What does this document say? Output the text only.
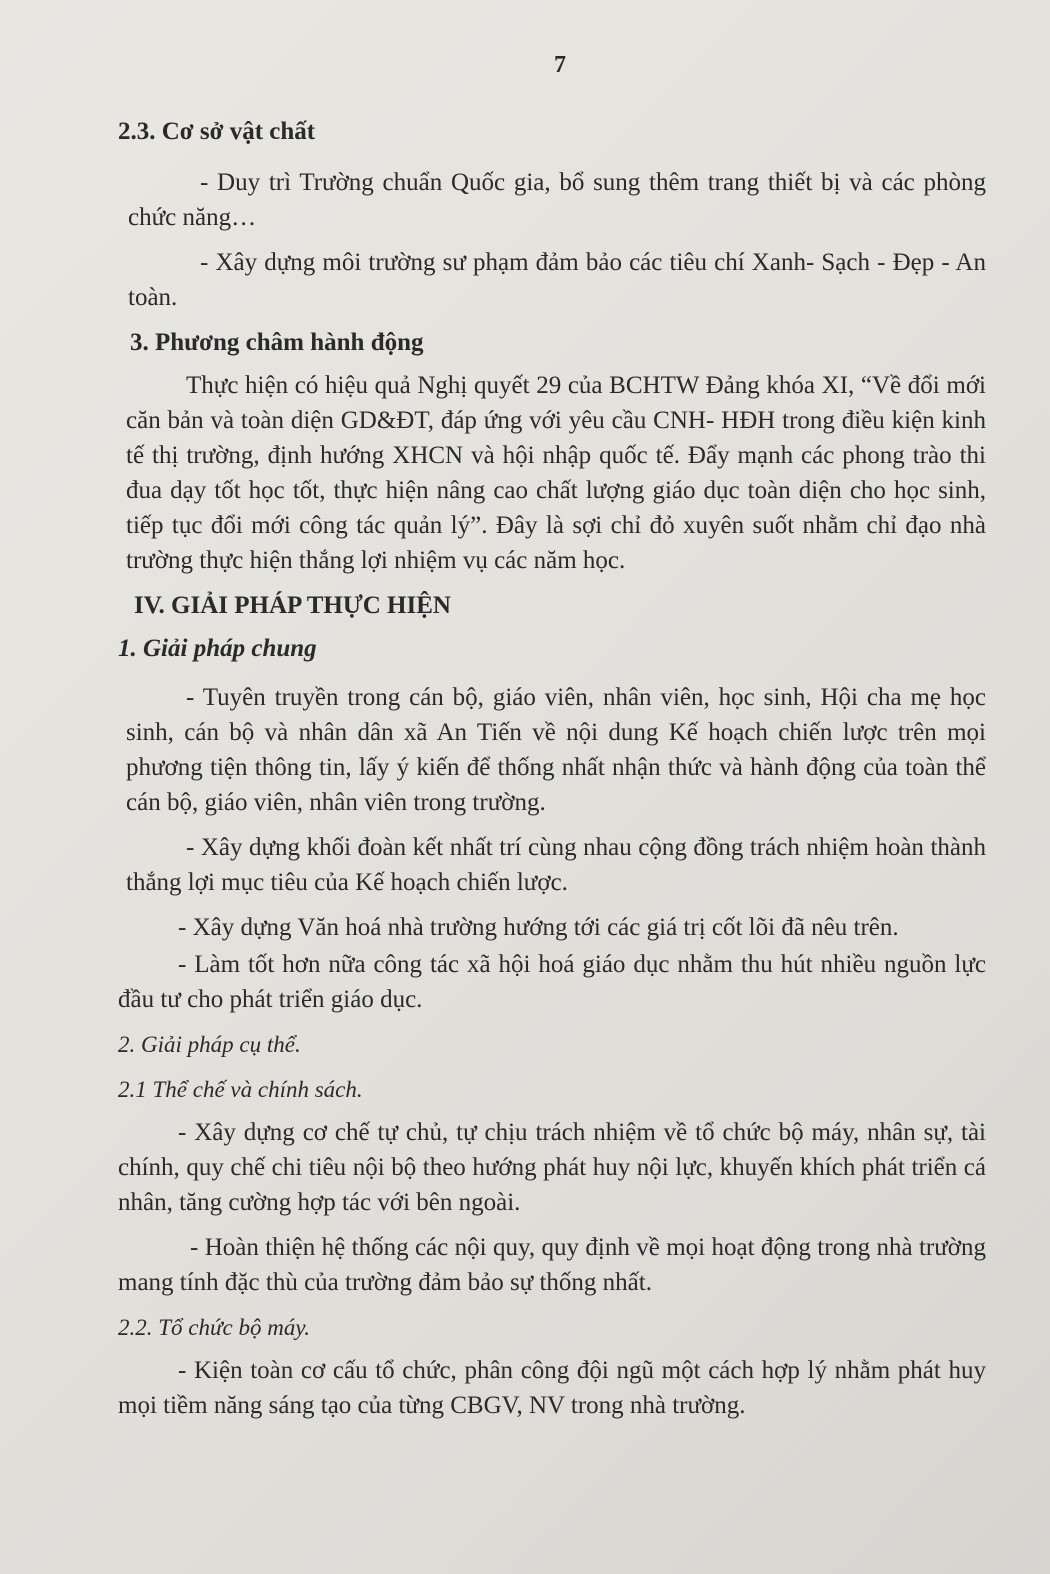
7
2.3. Cơ sở vật chất

- Duy trì Trường chuẩn Quốc gia, bổ sung thêm trang thiết bị và các phòng chức năng…

- Xây dựng môi trường sư phạm đảm bảo các tiêu chí Xanh- Sạch - Đẹp - An toàn.

3. Phương châm hành động

Thực hiện có hiệu quả Nghị quyết 29 của BCHTW Đảng khóa XI, “Về đổi mới căn bản và toàn diện GD&ĐT, đáp ứng với yêu cầu CNH- HĐH trong điều kiện kinh tế thị trường, định hướng XHCN và hội nhập quốc tế. Đẩy mạnh các phong trào thi đua dạy tốt học tốt, thực hiện nâng cao chất lượng giáo dục toàn diện cho học sinh, tiếp tục đổi mới công tác quản lý”. Đây là sợi chỉ đỏ xuyên suốt nhằm chỉ đạo nhà trường thực hiện thắng lợi nhiệm vụ các năm học.

IV. GIẢI PHÁP THỰC HIỆN
1. Giải pháp chung

- Tuyên truyền trong cán bộ, giáo viên, nhân viên, học sinh, Hội cha mẹ học sinh, cán bộ và nhân dân xã An Tiến về nội dung Kế hoạch chiến lược trên mọi phương tiện thông tin, lấy ý kiến để thống nhất nhận thức và hành động của toàn thể cán bộ, giáo viên, nhân viên trong trường.

- Xây dựng khối đoàn kết nhất trí cùng nhau cộng đồng trách nhiệm hoàn thành thắng lợi mục tiêu của Kế hoạch chiến lược.

- Xây dựng Văn hoá nhà trường hướng tới các giá trị cốt lõi đã nêu trên.

- Làm tốt hơn nữa công tác xã hội hoá giáo dục nhằm thu hút nhiều nguồn lực đầu tư cho phát triển giáo dục.

2. Giải pháp cụ thể.
2.1 Thể chế và chính sách.

- Xây dựng cơ chế tự chủ, tự chịu trách nhiệm về tổ chức bộ máy, nhân sự, tài chính, quy chế chi tiêu nội bộ theo hướng phát huy nội lực, khuyến khích phát triển cá nhân, tăng cường hợp tác với bên ngoài.

- Hoàn thiện hệ thống các nội quy, quy định về mọi hoạt động trong nhà trường mang tính đặc thù của trường đảm bảo sự thống nhất.

2.2. Tổ chức bộ máy.

- Kiện toàn cơ cấu tổ chức, phân công đội ngũ một cách hợp lý nhằm phát huy mọi tiềm năng sáng tạo của từng CBGV, NV trong nhà trường.
